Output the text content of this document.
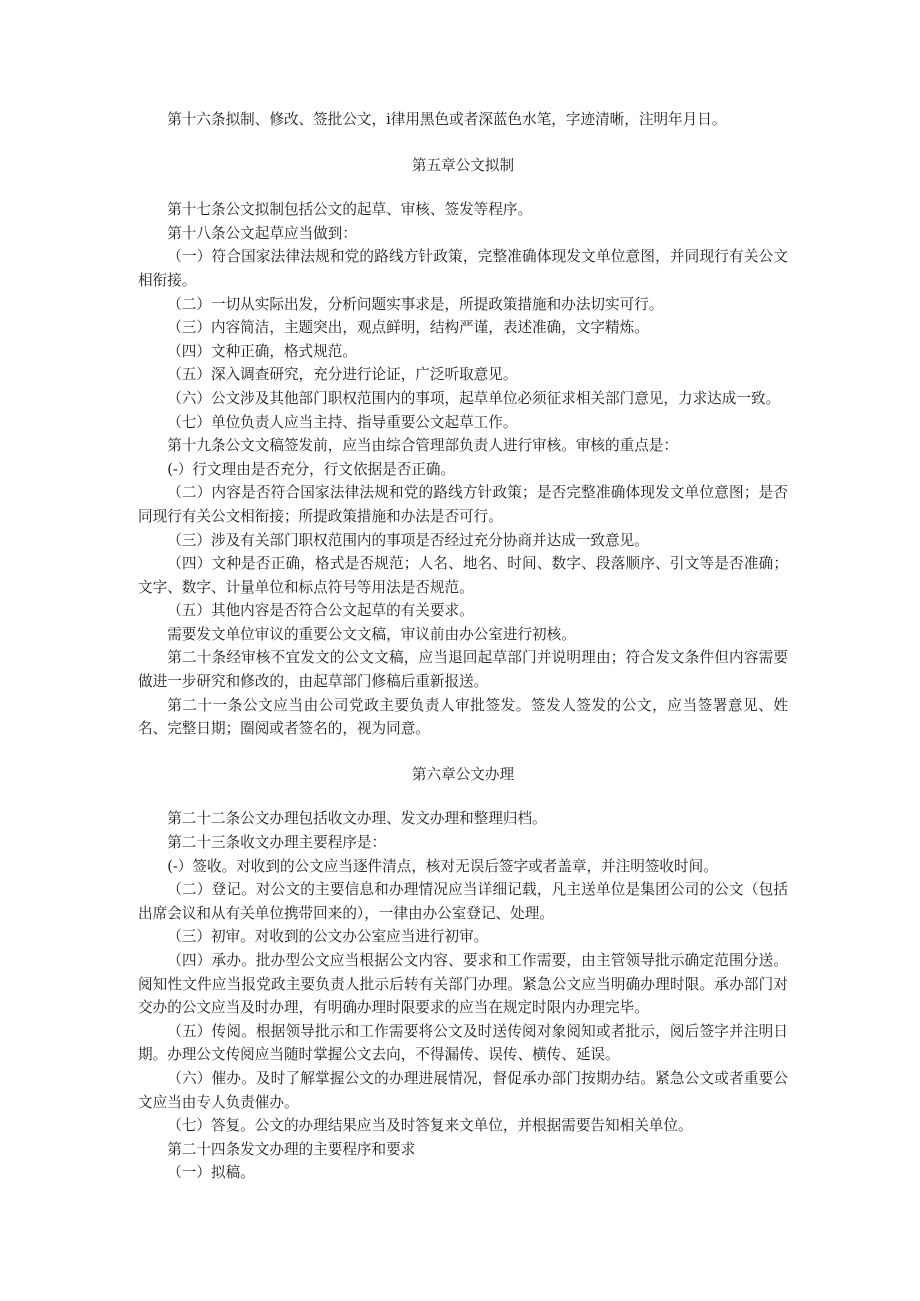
第十六条拟制、修改、签批公文，i律用黑色或者深蓝色水笔，字迹清晰，注明年月日。

第五章公文拟制

第十七条公文拟制包括公文的起草、审核、签发等程序。

第十八条公文起草应当做到：

（一）符合国家法律法规和党的路线方针政策，完整准确体现发文单位意图，并同现行有关公文相衔接。

（二）一切从实际出发，分析问题实事求是，所提政策措施和办法切实可行。

（三）内容简洁，主题突出，观点鲜明，结构严谨，表述准确，文字精炼。

（四）文种正确，格式规范。

（五）深入调查研究，充分进行论证，广泛听取意见。

（六）公文涉及其他部门职权范围内的事项，起草单位必须征求相关部门意见，力求达成一致。

（七）单位负责人应当主持、指导重要公文起草工作。

第十九条公文文稿签发前，应当由综合管理部负责人进行审核。审核的重点是：

(-）行文理由是否充分，行文依据是否正确。

（二）内容是否符合国家法律法规和党的路线方针政策；是否完整准确体现发文单位意图；是否同现行有关公文相衔接；所提政策措施和办法是否可行。

（三）涉及有关部门职权范围内的事项是否经过充分协商并达成一致意见。

（四）文种是否正确，格式是否规范；人名、地名、时间、数字、段落顺序、引文等是否准确；文字、数字、计量单位和标点符号等用法是否规范。

（五）其他内容是否符合公文起草的有关要求。

需要发文单位审议的重要公文文稿，审议前由办公室进行初核。

第二十条经审核不宜发文的公文文稿，应当退回起草部门并说明理由；符合发文条件但内容需要做进一步研究和修改的，由起草部门修稿后重新报送。

第二十一条公文应当由公司党政主要负责人审批签发。签发人签发的公文，应当签署意见、姓名、完整日期；圈阅或者签名的，视为同意。

第六章公文办理

第二十二条公文办理包括收文办理、发文办理和整理归档。

第二十三条收文办理主要程序是：

(-）签收。对收到的公文应当逐件清点，核对无误后签字或者盖章，并注明签收时间。

（二）登记。对公文的主要信息和办理情况应当详细记载，凡主送单位是集团公司的公文（包括出席会议和从有关单位携带回来的），一律由办公室登记、处理。

（三）初审。对收到的公文办公室应当进行初审。

（四）承办。批办型公文应当根据公文内容、要求和工作需要，由主管领导批示确定范围分送。阅知性文件应当报党政主要负责人批示后转有关部门办理。紧急公文应当明确办理时限。承办部门对交办的公文应当及时办理，有明确办理时限要求的应当在规定时限内办理完毕。

（五）传阅。根据领导批示和工作需要将公文及时送传阅对象阅知或者批示，阅后签字并注明日期。办理公文传阅应当随时掌握公文去向，不得漏传、误传、横传、延误。

（六）催办。及时了解掌握公文的办理进展情况，督促承办部门按期办结。紧急公文或者重要公文应当由专人负责催办。

（七）答复。公文的办理结果应当及时答复来文单位，并根据需要告知相关单位。

第二十四条发文办理的主要程序和要求

（一）拟稿。
